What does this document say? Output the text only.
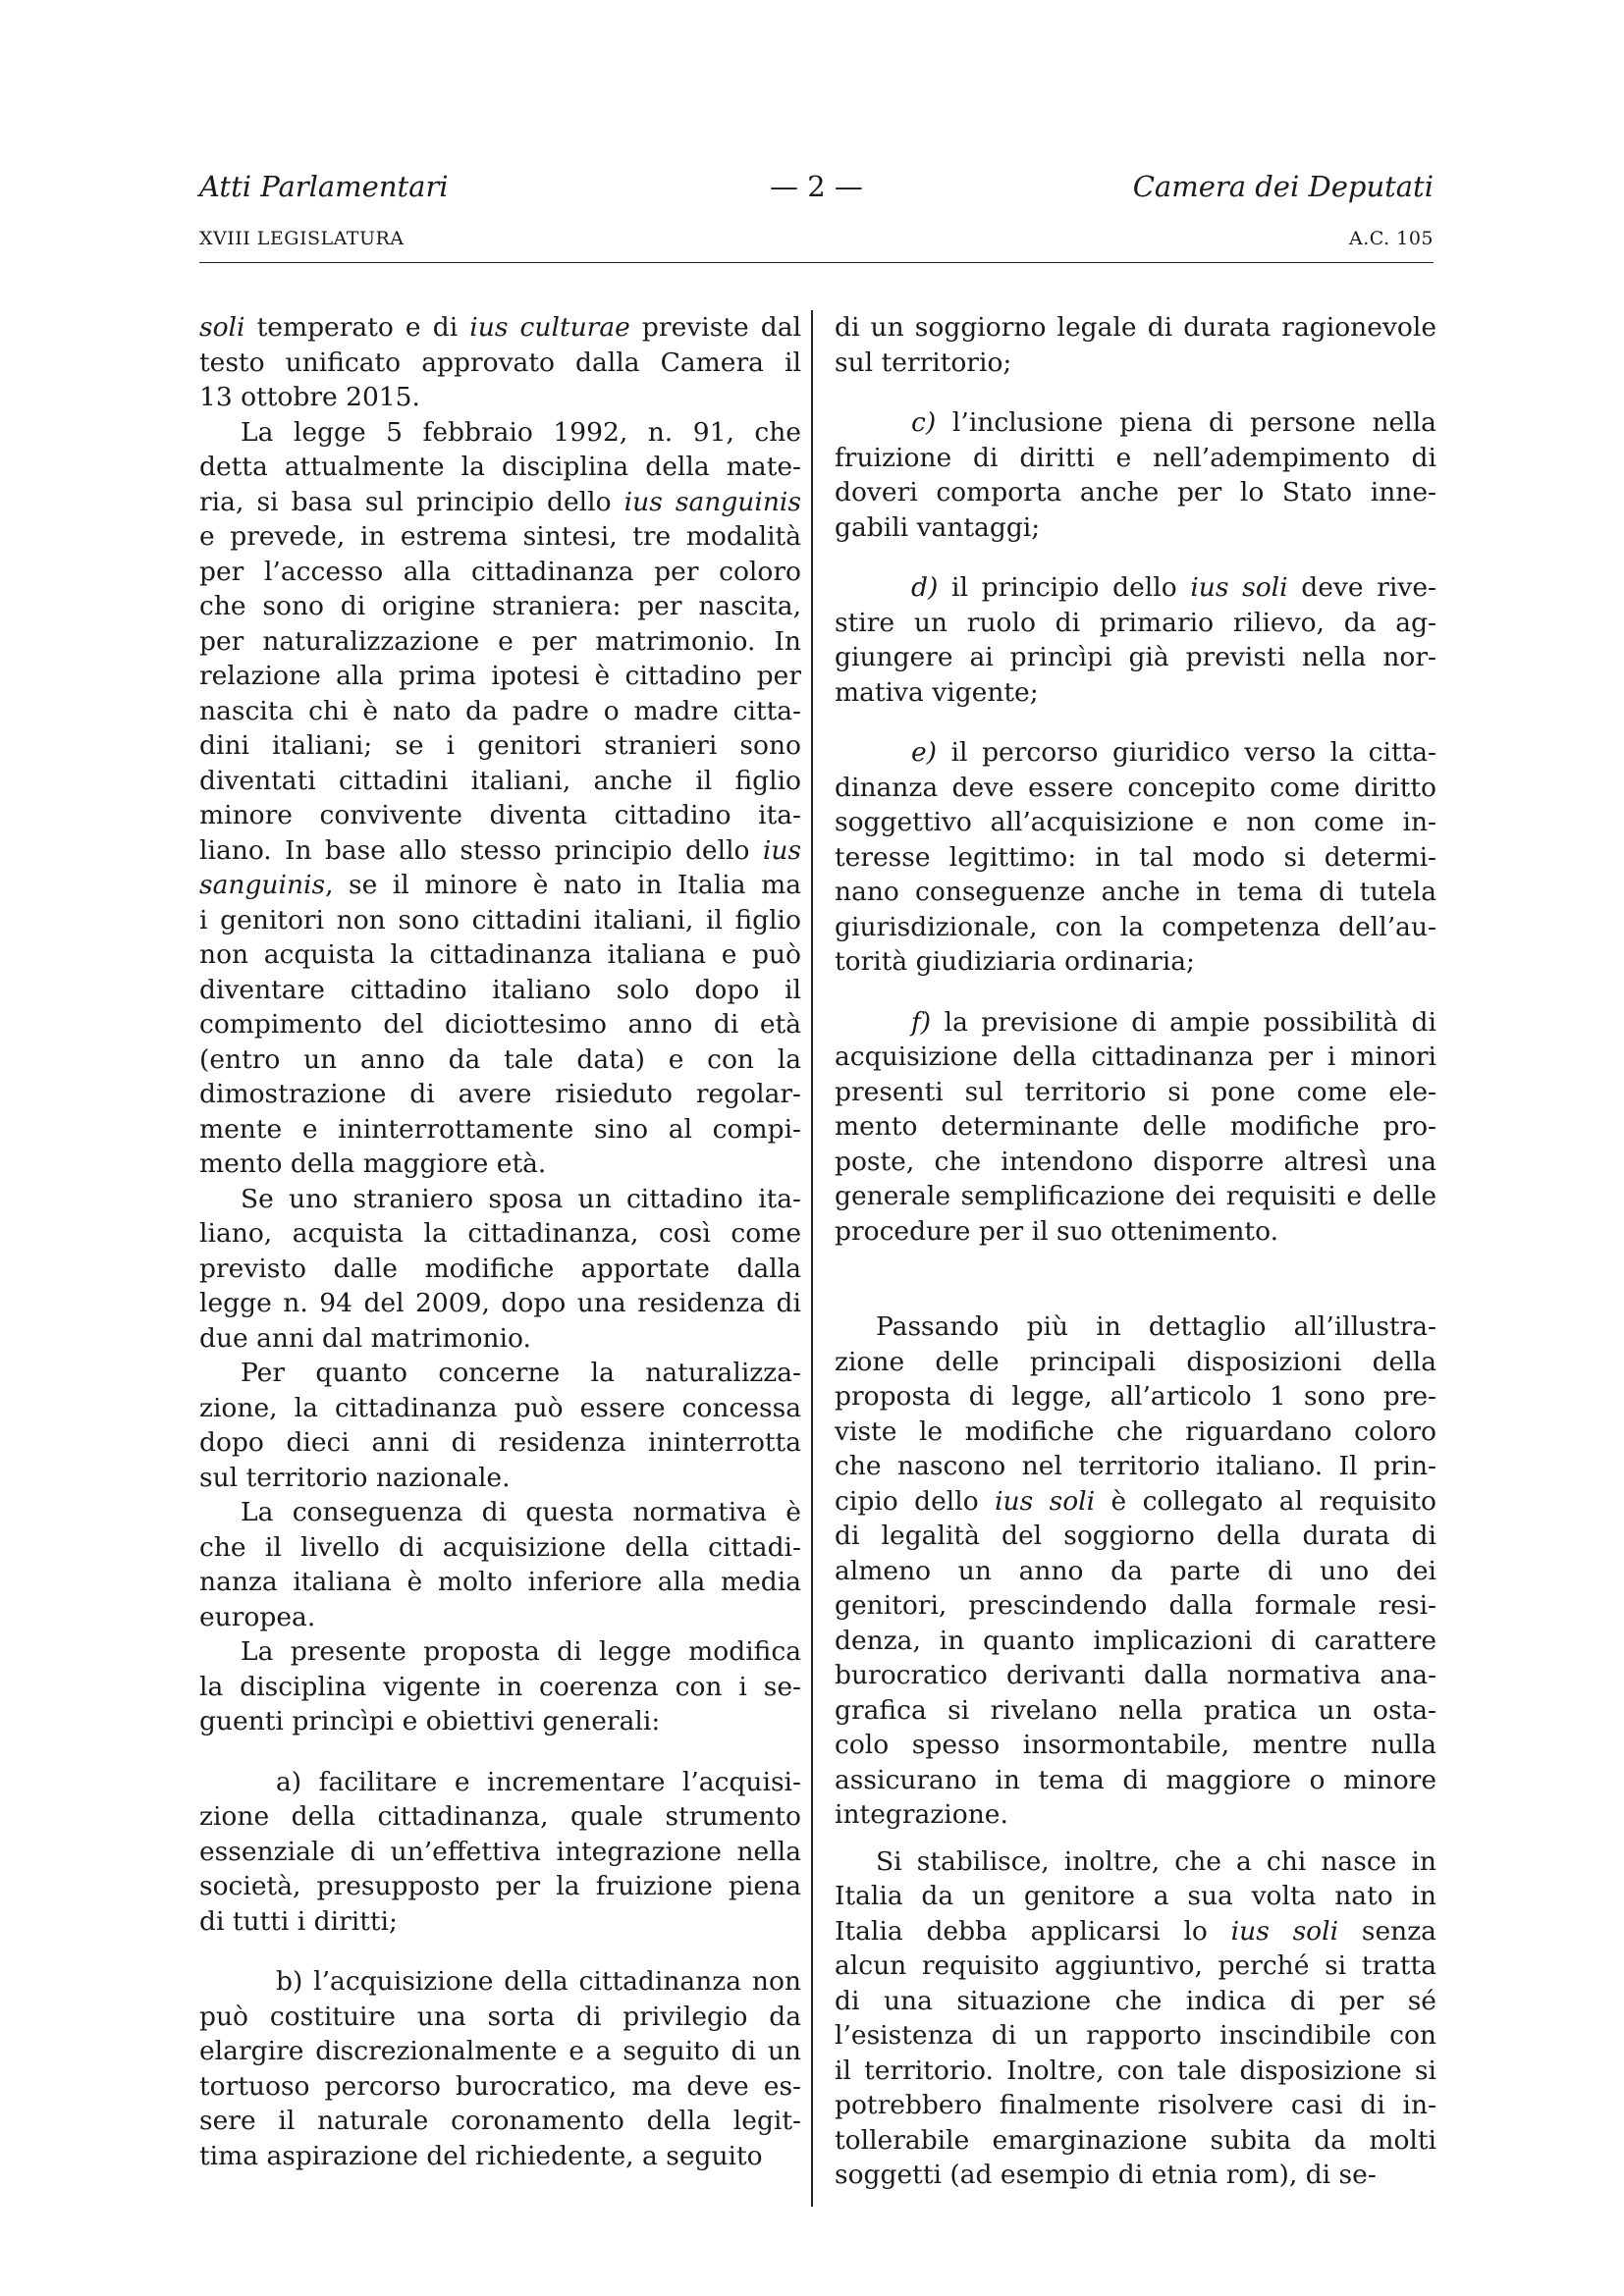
Atti Parlamentari	— 2 —	Camera dei Deputati
XVIII LEGISLATURA	A.C. 105

soli temperato e di ius culturae previste dal
testo unificato approvato dalla Camera il
13 ottobre 2015.

La legge 5 febbraio 1992, n. 91, che
detta attualmente la disciplina della mate-
ria, si basa sul principio dello ius sanguinis
e prevede, in estrema sintesi, tre modalità
per l’accesso alla cittadinanza per coloro
che sono di origine straniera: per nascita,
per naturalizzazione e per matrimonio. In
relazione alla prima ipotesi è cittadino per
nascita chi è nato da padre o madre citta-
dini italiani; se i genitori stranieri sono
diventati cittadini italiani, anche il figlio
minore convivente diventa cittadino ita-
liano. In base allo stesso principio dello ius
sanguinis, se il minore è nato in Italia ma
i genitori non sono cittadini italiani, il figlio
non acquista la cittadinanza italiana e può
diventare cittadino italiano solo dopo il
compimento del diciottesimo anno di età
(entro un anno da tale data) e con la
dimostrazione di avere risieduto regolar-
mente e ininterrottamente sino al compi-
mento della maggiore età.

Se uno straniero sposa un cittadino ita-
liano, acquista la cittadinanza, così come
previsto dalle modifiche apportate dalla
legge n. 94 del 2009, dopo una residenza di
due anni dal matrimonio.

Per quanto concerne la naturalizza-
zione, la cittadinanza può essere concessa
dopo dieci anni di residenza ininterrotta
sul territorio nazionale.

La conseguenza di questa normativa è
che il livello di acquisizione della cittadi-
nanza italiana è molto inferiore alla media
europea.

La presente proposta di legge modifica
la disciplina vigente in coerenza con i se-
guenti princìpi e obiettivi generali:

a) facilitare e incrementare l’acquisi-
zione della cittadinanza, quale strumento
essenziale di un’effettiva integrazione nella
società, presupposto per la fruizione piena
di tutti i diritti;

b) l’acquisizione della cittadinanza non
può costituire una sorta di privilegio da
elargire discrezionalmente e a seguito di un
tortuoso percorso burocratico, ma deve es-
sere il naturale coronamento della legit-
tima aspirazione del richiedente, a seguito

di un soggiorno legale di durata ragionevole
sul territorio;

c) l’inclusione piena di persone nella
fruizione di diritti e nell’adempimento di
doveri comporta anche per lo Stato inne-
gabili vantaggi;

d) il principio dello ius soli deve rive-
stire un ruolo di primario rilievo, da ag-
giungere ai princìpi già previsti nella nor-
mativa vigente;

e) il percorso giuridico verso la citta-
dinanza deve essere concepito come diritto
soggettivo all’acquisizione e non come in-
teresse legittimo: in tal modo si determi-
nano conseguenze anche in tema di tutela
giurisdizionale, con la competenza dell’au-
torità giudiziaria ordinaria;

f) la previsione di ampie possibilità di
acquisizione della cittadinanza per i minori
presenti sul territorio si pone come ele-
mento determinante delle modifiche pro-
poste, che intendono disporre altresì una
generale semplificazione dei requisiti e delle
procedure per il suo ottenimento.

Passando più in dettaglio all’illustra-
zione delle principali disposizioni della
proposta di legge, all’articolo 1 sono pre-
viste le modifiche che riguardano coloro
che nascono nel territorio italiano. Il prin-
cipio dello ius soli è collegato al requisito
di legalità del soggiorno della durata di
almeno un anno da parte di uno dei
genitori, prescindendo dalla formale resi-
denza, in quanto implicazioni di carattere
burocratico derivanti dalla normativa ana-
grafica si rivelano nella pratica un osta-
colo spesso insormontabile, mentre nulla
assicurano in tema di maggiore o minore
integrazione.

Si stabilisce, inoltre, che a chi nasce in
Italia da un genitore a sua volta nato in
Italia debba applicarsi lo ius soli senza
alcun requisito aggiuntivo, perché si tratta
di una situazione che indica di per sé
l’esistenza di un rapporto inscindibile con
il territorio. Inoltre, con tale disposizione si
potrebbero finalmente risolvere casi di in-
tollerabile emarginazione subita da molti
soggetti (ad esempio di etnia rom), di se-
